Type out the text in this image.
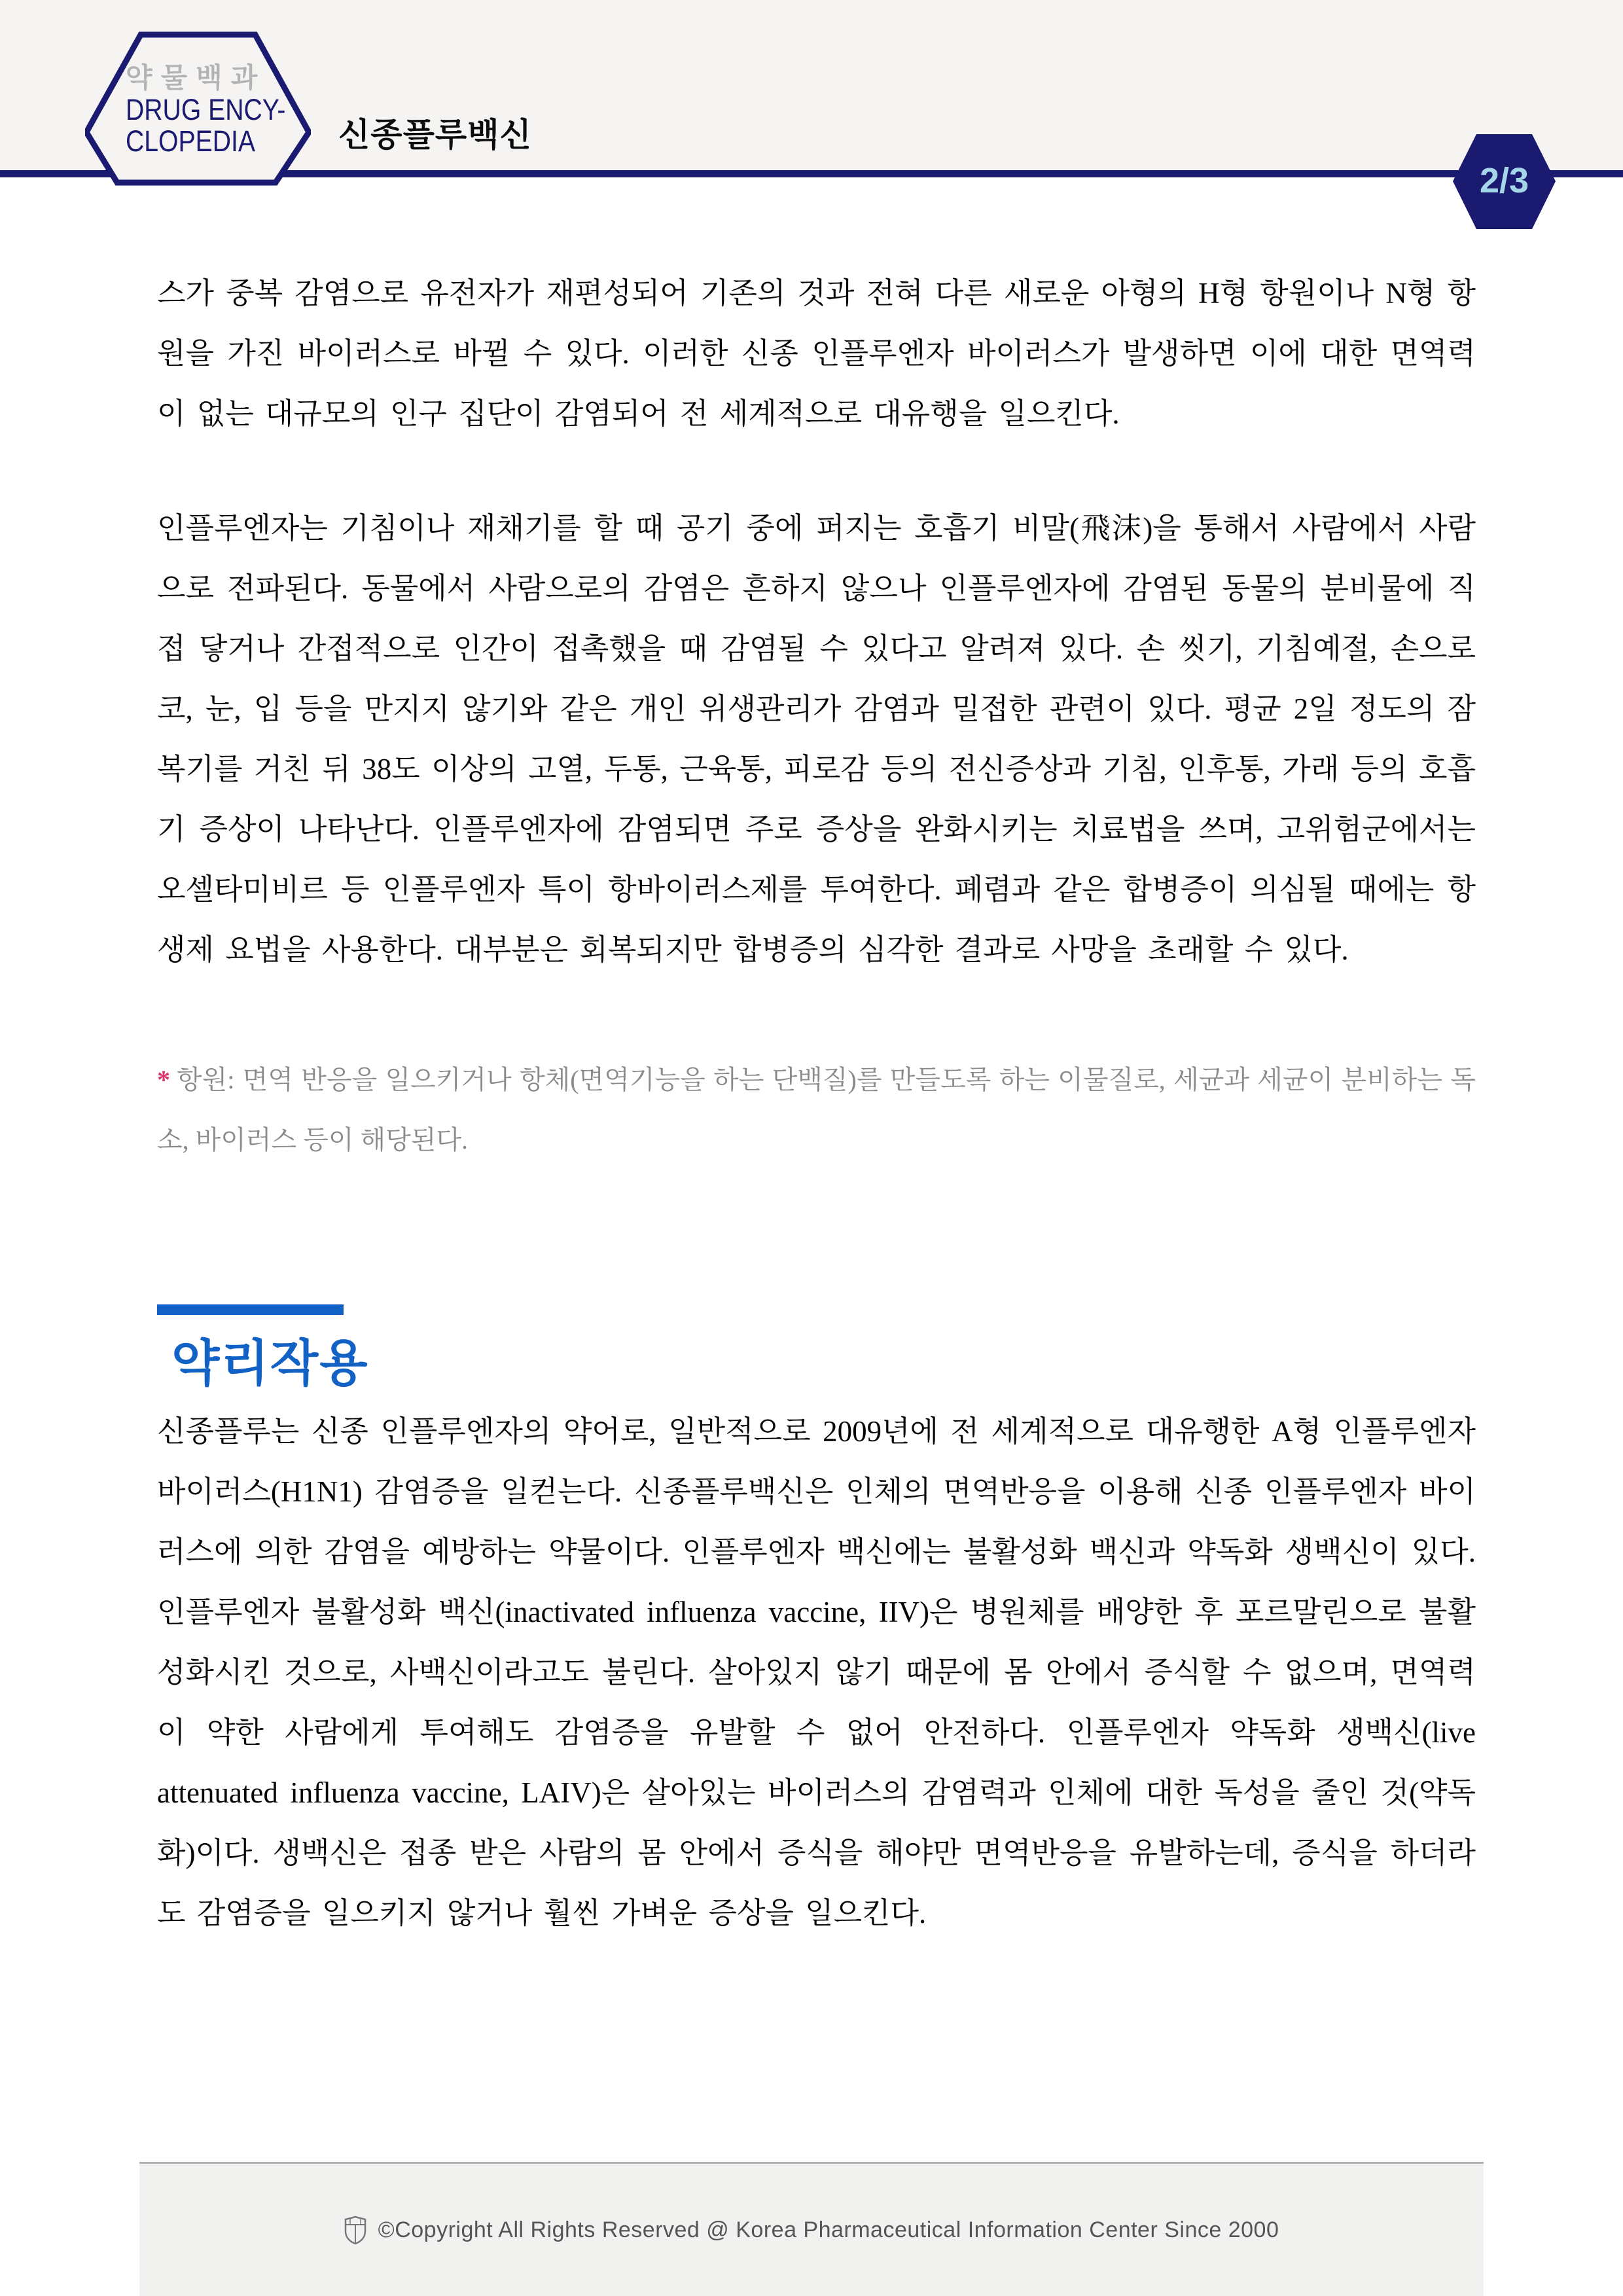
약물백과
DRUG ENCY-
CLOPEDIA	신종플루백신
2/3

스가 중복 감염으로 유전자가 재편성되어 기존의 것과 전혀 다른 새로운 아형의 H형 항원이나 N형 항원을 가진 바이러스로 바뀔 수 있다. 이러한 신종 인플루엔자 바이러스가 발생하면 이에 대한 면역력이 없는 대규모의 인구 집단이 감염되어 전 세계적으로 대유행을 일으킨다.

인플루엔자는 기침이나 재채기를 할 때 공기 중에 퍼지는 호흡기 비말(飛沫)을 통해서 사람에서 사람으로 전파된다. 동물에서 사람으로의 감염은 흔하지 않으나 인플루엔자에 감염된 동물의 분비물에 직접 닿거나 간접적으로 인간이 접촉했을 때 감염될 수 있다고 알려져 있다. 손 씻기, 기침예절, 손으로 코, 눈, 입 등을 만지지 않기와 같은 개인 위생관리가 감염과 밀접한 관련이 있다. 평균 2일 정도의 잠복기를 거친 뒤 38도 이상의 고열, 두통, 근육통, 피로감 등의 전신증상과 기침, 인후통, 가래 등의 호흡기 증상이 나타난다. 인플루엔자에 감염되면 주로 증상을 완화시키는 치료법을 쓰며, 고위험군에서는 오셀타미비르 등 인플루엔자 특이 항바이러스제를 투여한다. 폐렴과 같은 합병증이 의심될 때에는 항생제 요법을 사용한다. 대부분은 회복되지만 합병증의 심각한 결과로 사망을 초래할 수 있다.

* 항원: 면역 반응을 일으키거나 항체(면역기능을 하는 단백질)를 만들도록 하는 이물질로, 세균과 세균이 분비하는 독소, 바이러스 등이 해당된다.

약리작용

신종플루는 신종 인플루엔자의 약어로, 일반적으로 2009년에 전 세계적으로 대유행한 A형 인플루엔자 바이러스(H1N1) 감염증을 일컫는다. 신종플루백신은 인체의 면역반응을 이용해 신종 인플루엔자 바이러스에 의한 감염을 예방하는 약물이다. 인플루엔자 백신에는 불활성화 백신과 약독화 생백신이 있다. 인플루엔자 불활성화 백신(inactivated influenza vaccine, IIV)은 병원체를 배양한 후 포르말린으로 불활성화시킨 것으로, 사백신이라고도 불린다. 살아있지 않기 때문에 몸 안에서 증식할 수 없으며, 면역력이 약한 사람에게 투여해도 감염증을 유발할 수 없어 안전하다. 인플루엔자 약독화 생백신(live attenuated influenza vaccine, LAIV)은 살아있는 바이러스의 감염력과 인체에 대한 독성을 줄인 것(약독화)이다. 생백신은 접종 받은 사람의 몸 안에서 증식을 해야만 면역반응을 유발하는데, 증식을 하더라도 감염증을 일으키지 않거나 훨씬 가벼운 증상을 일으킨다.

©Copyright All Rights Reserved @ Korea Pharmaceutical Information Center Since 2000
